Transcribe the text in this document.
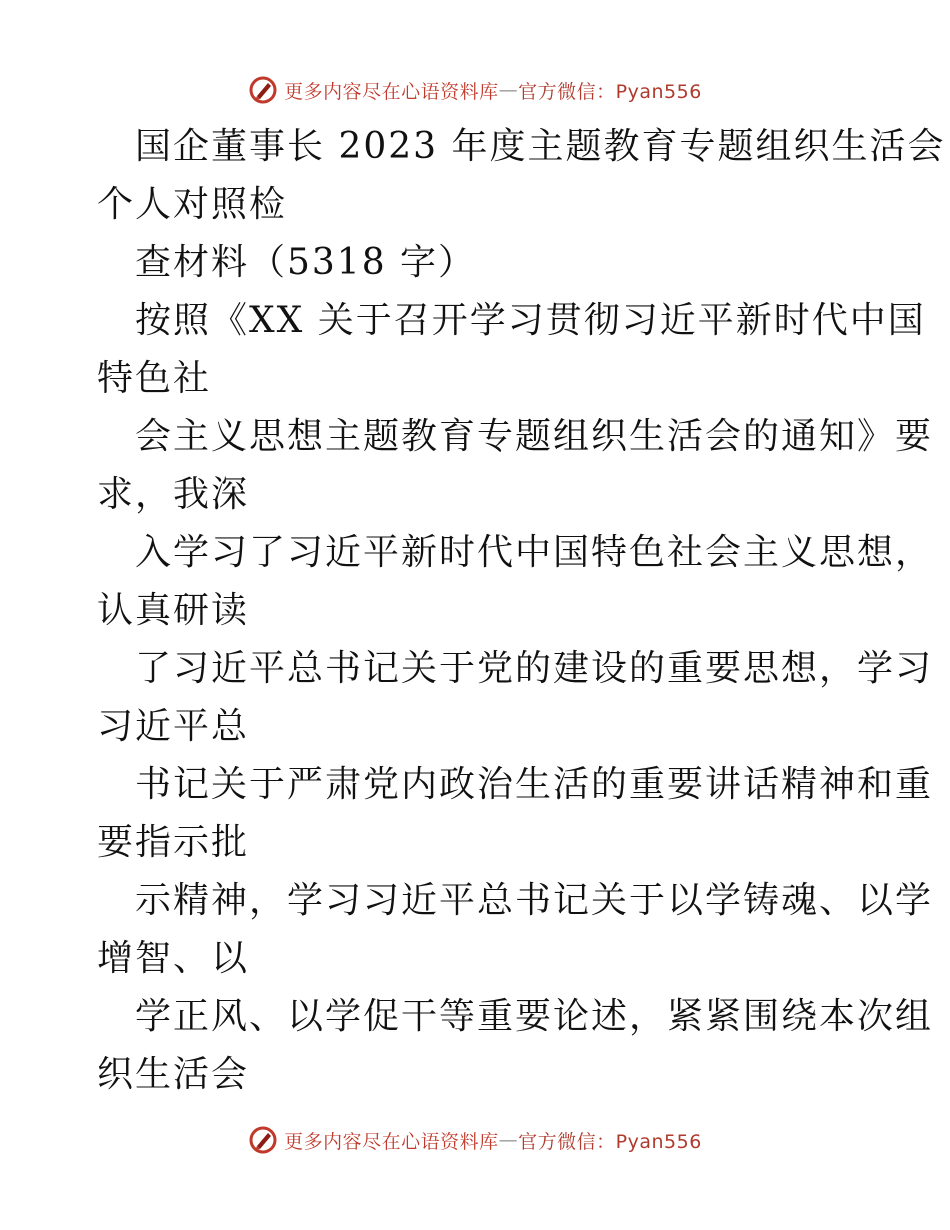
更多内容尽在心语资料库 — 官方微信：Pyan556
国企董事长 2023 年度主题教育专题组织生活会
个人对照检
查材料（5318 字）
按照《XX 关于召开学习贯彻习近平新时代中国
特色社
会主义思想主题教育专题组织生活会的通知》要
求，我深
入学习了习近平新时代中国特色社会主义思想，
认真研读
了习近平总书记关于党的建设的重要思想，学习
习近平总
书记关于严肃党内政治生活的重要讲话精神和重
要指示批
示精神，学习习近平总书记关于以学铸魂、以学
增智、以
学正风、以学促干等重要论述，紧紧围绕本次组
织生活会
更多内容尽在心语资料库 — 官方微信：Pyan556
